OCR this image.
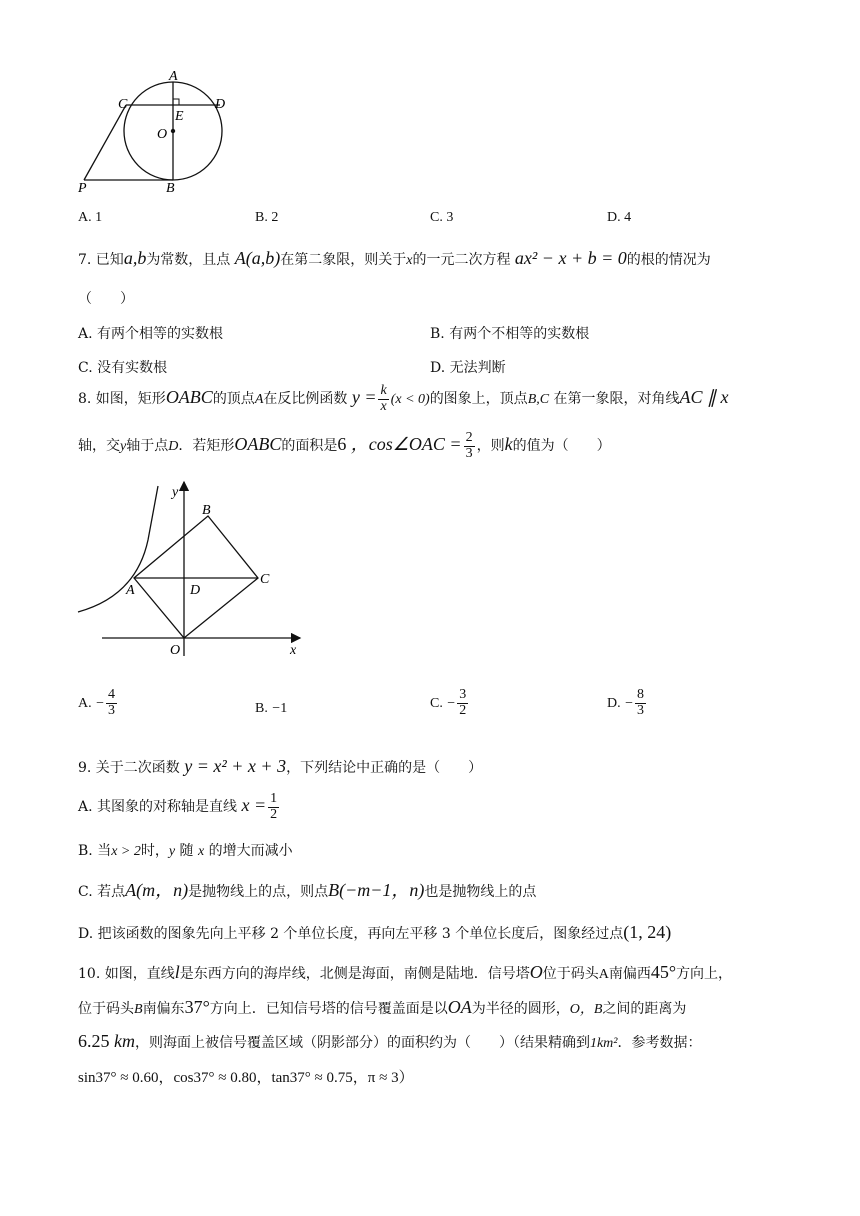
A
C	D
E
O
P	B
A. 1	B. 2	C. 3	D. 4
7. 已知a,b为常数，且点 A(a,b)在第二象限，则关于x的一元二次方程 ax² − x + b = 0的根的情况为
（　　）
A. 有两个相等的实数根	B. 有两个不相等的实数根
C. 没有实数根	D. 无法判断
8. 如图，矩形OABC的顶点A在反比例函数 $y = \frac{k}{x} (x < 0)$的图象上，顶点B,C 在第一象限，对角线AC ∥ x
轴，交y轴于点D．若矩形OABC的面积是6 ，cos∠OAC = $\frac{2}{3}$ ，则k的值为（　　）
y
B
A	D
C
O	x
A. − $\frac{4}{3}$	B. −1	C. − $\frac{3}{2}$	D. − $\frac{8}{3}$
9. 关于二次函数 y = x² + x + 3，下列结论中正确的是（　　）
A. 其图象的对称轴是直线 $x = \frac{1}{2}$
B. 当x > 2时，y 随 x 的增大而减小
C. 若点A(m，n)是抛物线上的点，则点B(−m−1，n)也是抛物线上的点
D. 把该函数的图象先向上平移 2 个单位长度，再向左平移 3 个单位长度后，图象经过点(1, 24)
10. 如图，直线l是东西方向的海岸线，北侧是海面，南侧是陆地．信号塔O位于码头A南偏西45°方向上，
位于码头B南偏东37°方向上．已知信号塔的信号覆盖面是以OA为半径的圆形，O，B之间的距离为
6.25 km，则海面上被信号覆盖区域（阴影部分）的面积约为（　　）（结果精确到1km²．参考数据：
sin37° ≈ 0.60，cos37° ≈ 0.80，tan37° ≈ 0.75，π ≈ 3）
